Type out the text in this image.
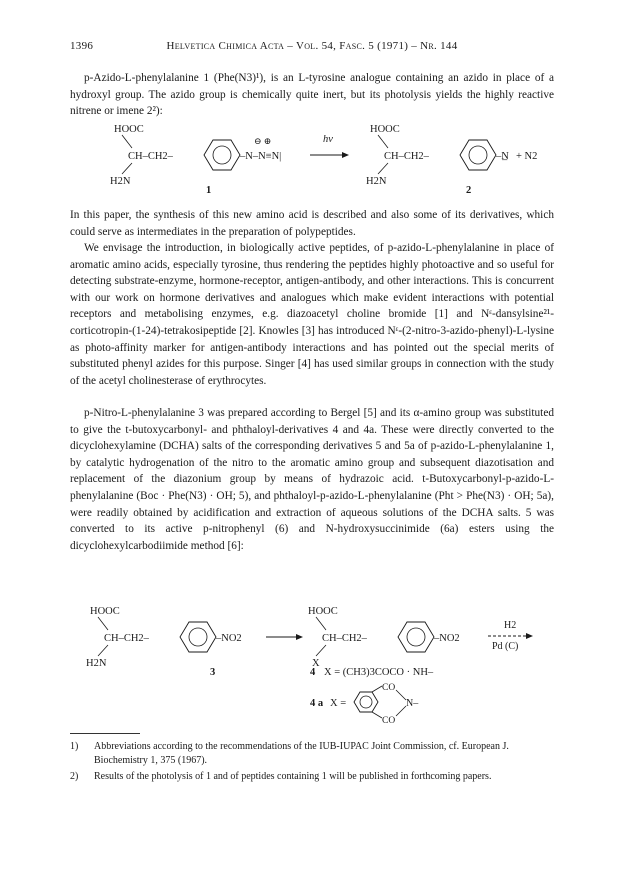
1396	Helvetica Chimica Acta – Vol. 54, Fasc. 5 (1971) – Nr. 144

p-Azido-L-phenylalanine 1 (Phe(N3)¹), is an L-tyrosine analogue containing an azido in place of a hydroxyl group. The azido group is chemically quite inert, but its photolysis yields the highly reactive nitrene or imene 2²):

HOOC
CH–CH2–
H2N
⊖ ⊕
–N–N≡N|
1
hν
HOOC
CH–CH2–
H2N
–N̲ + N2
2

In this paper, the synthesis of this new amino acid is described and also some of its derivatives, which could serve as intermediates in the preparation of polypeptides.

We envisage the introduction, in biologically active peptides, of p-azido-L-phenylalanine in place of aromatic amino acids, especially tyrosine, thus rendering the peptides highly photoactive and so useful for detecting substrate-enzyme, hormone-receptor, antigen-antibody, and other interactions. This is concurrent with our work on hormone derivatives and analogues which make evident interactions with potential receptors and metabolising enzymes, e.g. diazoacetyl choline bromide [1] and Nᵋ-dansylsine²¹-corticotropin-(1-24)-tetrakosipeptide [2]. Knowles [3] has introduced Nᵋ-(2-nitro-3-azido-phenyl)-L-lysine as photo-affinity marker for antigen-antibody interactions and has pointed out the special merits of substituted phenyl azides for this purpose. Singer [4] has used similar groups in connection with the study of the acetyl cholinesterase of erythrocytes.

p-Nitro-L-phenylalanine 3 was prepared according to Bergel [5] and its α-amino group was substituted to give the t-butoxycarbonyl- and phthaloyl-derivatives 4 and 4a. These were directly converted to the dicyclohexylamine (DCHA) salts of the corresponding derivatives 5 and 5a of p-azido-L-phenylalanine 1, by catalytic hydrogenation of the nitro to the aromatic amino group and subsequent diazotisation and replacement of the diazonium group by means of hydrazoic acid. t-Butoxycarbonyl-p-azido-L-phenylalanine (Boc · Phe(N3) · OH; 5), and phthaloyl-p-azido-L-phenylalanine (Pht > Phe(N3) · OH; 5a), were readily obtained by acidification and extraction of aqueous solutions of the DCHA salts. 5 was converted to its active p-nitrophenyl (6) and N-hydroxysuccinimide (6a) esters using the dicyclohexylcarbodiimide method [6]:

HOOC
CH–CH2–
H2N
–NO2
3
HOOC
CH–CH2–
X
–NO2
H2
Pd (C)
4 X = (CH3)3COCO · NH–
4 a X =
CO
CO
N–
1) Abbreviations according to the recommendations of the IUB-IUPAC Joint Commission, cf. European J. Biochemistry 1, 375 (1967).
2) Results of the photolysis of 1 and of peptides containing 1 will be published in forthcoming papers.
